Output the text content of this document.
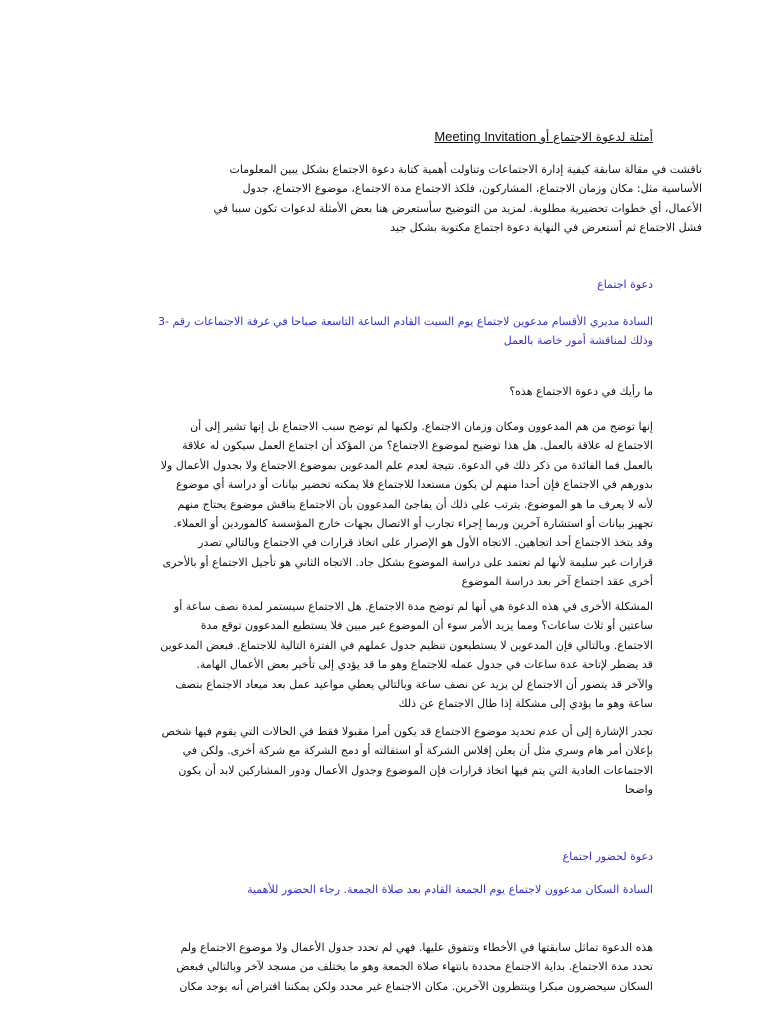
أمثلة لدعوة الاجتماع أو Meeting Invitation
ناقشت في مقالة سابقة كيفية إدارة الاجتماعات وتناولت أهمية كتابة دعوة الاجتماع بشكل يبين المعلومات
الأساسية مثل: مكان وزمان الاجتماع، المشاركون، فلكذ الاجتماع مدة الاجتماع، موضوع الاجتماع، جدول
الأعمال، أي خطوات تحضيرية مطلوبة. لمزيد من التوضيح سأستعرض هنا بعض الأمثلة لدعوات تكون سببا في
فشل الاجتماع ثم أستعرض في النهاية دعوة اجتماع مكتوبة بشكل جيد
دعوة اجتماع
السادة مديري الأقسام مدعوين لاجتماع يوم السبت القادم الساعة التاسعة صباحا في غرفة الاجتماعات رقم -3
وذلك لمناقشة أمور خاصة بالعمل
ما رأيك في دعوة الاجتماع هذه؟
إنها توضح من هم المدعوون ومكان وزمان الاجتماع. ولكنها لم توضح سبب الاجتماع بل إنها تشير إلى أن
الاجتماع له علاقة بالعمل. هل هذا توضيح لموضوع الاجتماع؟ من المؤكد أن اجتماع العمل سيكون له علاقة
بالعمل فما الفائدة من ذكر ذلك في الدعوة. نتيجة لعدم علم المدعوين بموضوع الاجتماع ولا بجدول الأعمال ولا
بدورهم في الاجتماع فإن أحدا منهم لن يكون مستعدا للاجتماع فلا يمكنه تحضير بيانات أو دراسة أي موضوع
لأنه لا يعرف ما هو الموضوع. يترتب على ذلك أن يفاجئ المدعوون بأن الاجتماع يناقش موضوع يحتاج منهم
تجهيز بيانات أو استشارة آخرين وربما إجراء تجارب أو الاتصال بجهات خارج المؤسسة كالموردين أو العملاء.
وقد يتخذ الاجتماع أحد اتجاهين. الاتجاه الأول هو الإصرار على اتخاذ قرارات في الاجتماع وبالتالي تصدر
قرارات غير سليمة لأنها لم تعتمد على دراسة الموضوع بشكل جاد. الاتجاه الثاني هو تأجيل الاجتماع أو بالأحرى
أخرى عقد اجتماع آخر بعد دراسة الموضوع
المشكلة الأخرى في هذه الدعوة هي أنها لم توضح مدة الاجتماع. هل الاجتماع سيستمر لمدة نصف ساعة أو
ساعتين أو ثلاث ساعات؟ ومما يزيد الأمر سوء أن الموضوع غير مبين فلا يستطيع المدعوون توقع مدة
الاجتماع. وبالتالي فإن المدعوين لا يستطيعون تنظيم جدول عملهم في الفترة التالية للاجتماع. فبعض المدعوين
قد يضطر لإتاحة عدة ساعات في جدول عمله للاجتماع وهو ما قد يؤدي إلى تأخير بعض الأعمال الهامة.
والآخر قد يتصور أن الاجتماع لن يزيد عن نصف ساعة وبالتالي يعطي مواعيد عمل بعد ميعاد الاجتماع بنصف
ساعة وهو ما يؤدي إلى مشكلة إذا طال الاجتماع عن ذلك
تجدر الإشارة إلى أن عدم تحديد موضوع الاجتماع قد يكون أمرا مقبولا فقط في الحالات التي يقوم فيها شخص
بإعلان أمر هام وسري مثل أن يعلن إفلاس الشركة أو استقالته أو دمج الشركة مع شركة أخرى. ولكن في
الاجتماعات العادية التي يتم فيها اتخاذ قرارات فإن الموضوع وجدول الأعمال ودور المشاركين لابد أن يكون
واضحا
دعوة لحضور اجتماع
السادة السكان مدعوون لاجتماع يوم الجمعة القادم بعد صلاة الجمعة. رجاء الحضور للأهمية
هذه الدعوة تماثل سابقتها في الأخطاء وتتفوق عليها. فهي لم تحدد جدول الأعمال ولا موضوع الاجتماع ولم
تحدد مدة الاجتماع. بداية الاجتماع محددة بانتهاء صلاة الجمعة وهو ما يختلف من مسجد لآخر وبالتالي فبعض
السكان سيحضرون مبكرا وينتظرون الآخرين. مكان الاجتماع غير محدد ولكن يمكننا افتراض أنه يوجد مكان
